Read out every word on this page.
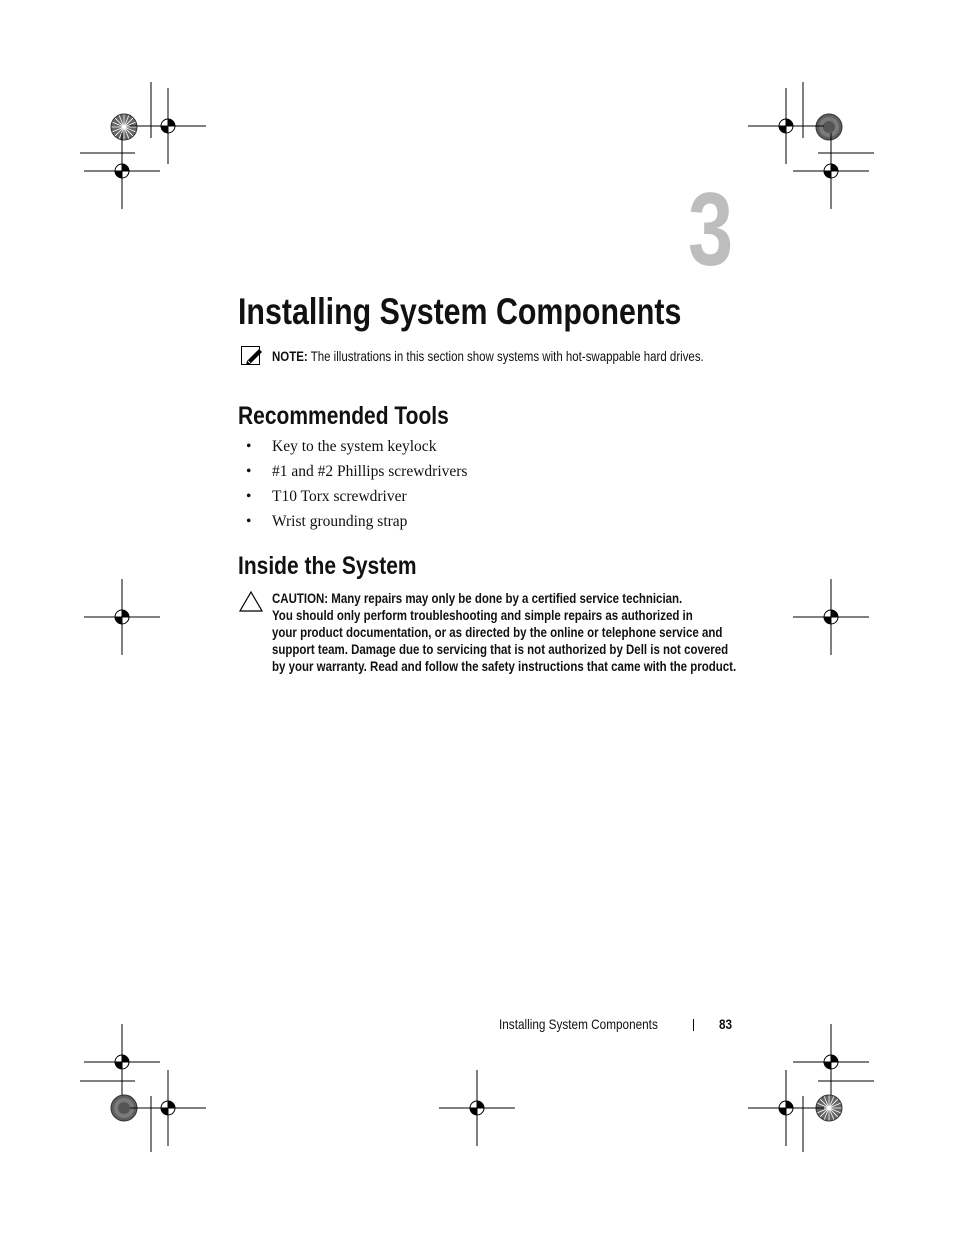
3
Installing System Components
NOTE: The illustrations in this section show systems with hot-swappable hard drives.
Recommended Tools
• Key to the system keylock
• #1 and #2 Phillips screwdrivers
• T10 Torx screwdriver
• Wrist grounding strap
Inside the System
CAUTION: Many repairs may only be done by a certified service technician.
You should only perform troubleshooting and simple repairs as authorized in
your product documentation, or as directed by the online or telephone service and
support team. Damage due to servicing that is not authorized by Dell is not covered
by your warranty. Read and follow the safety instructions that came with the product.
Installing System Components	83
